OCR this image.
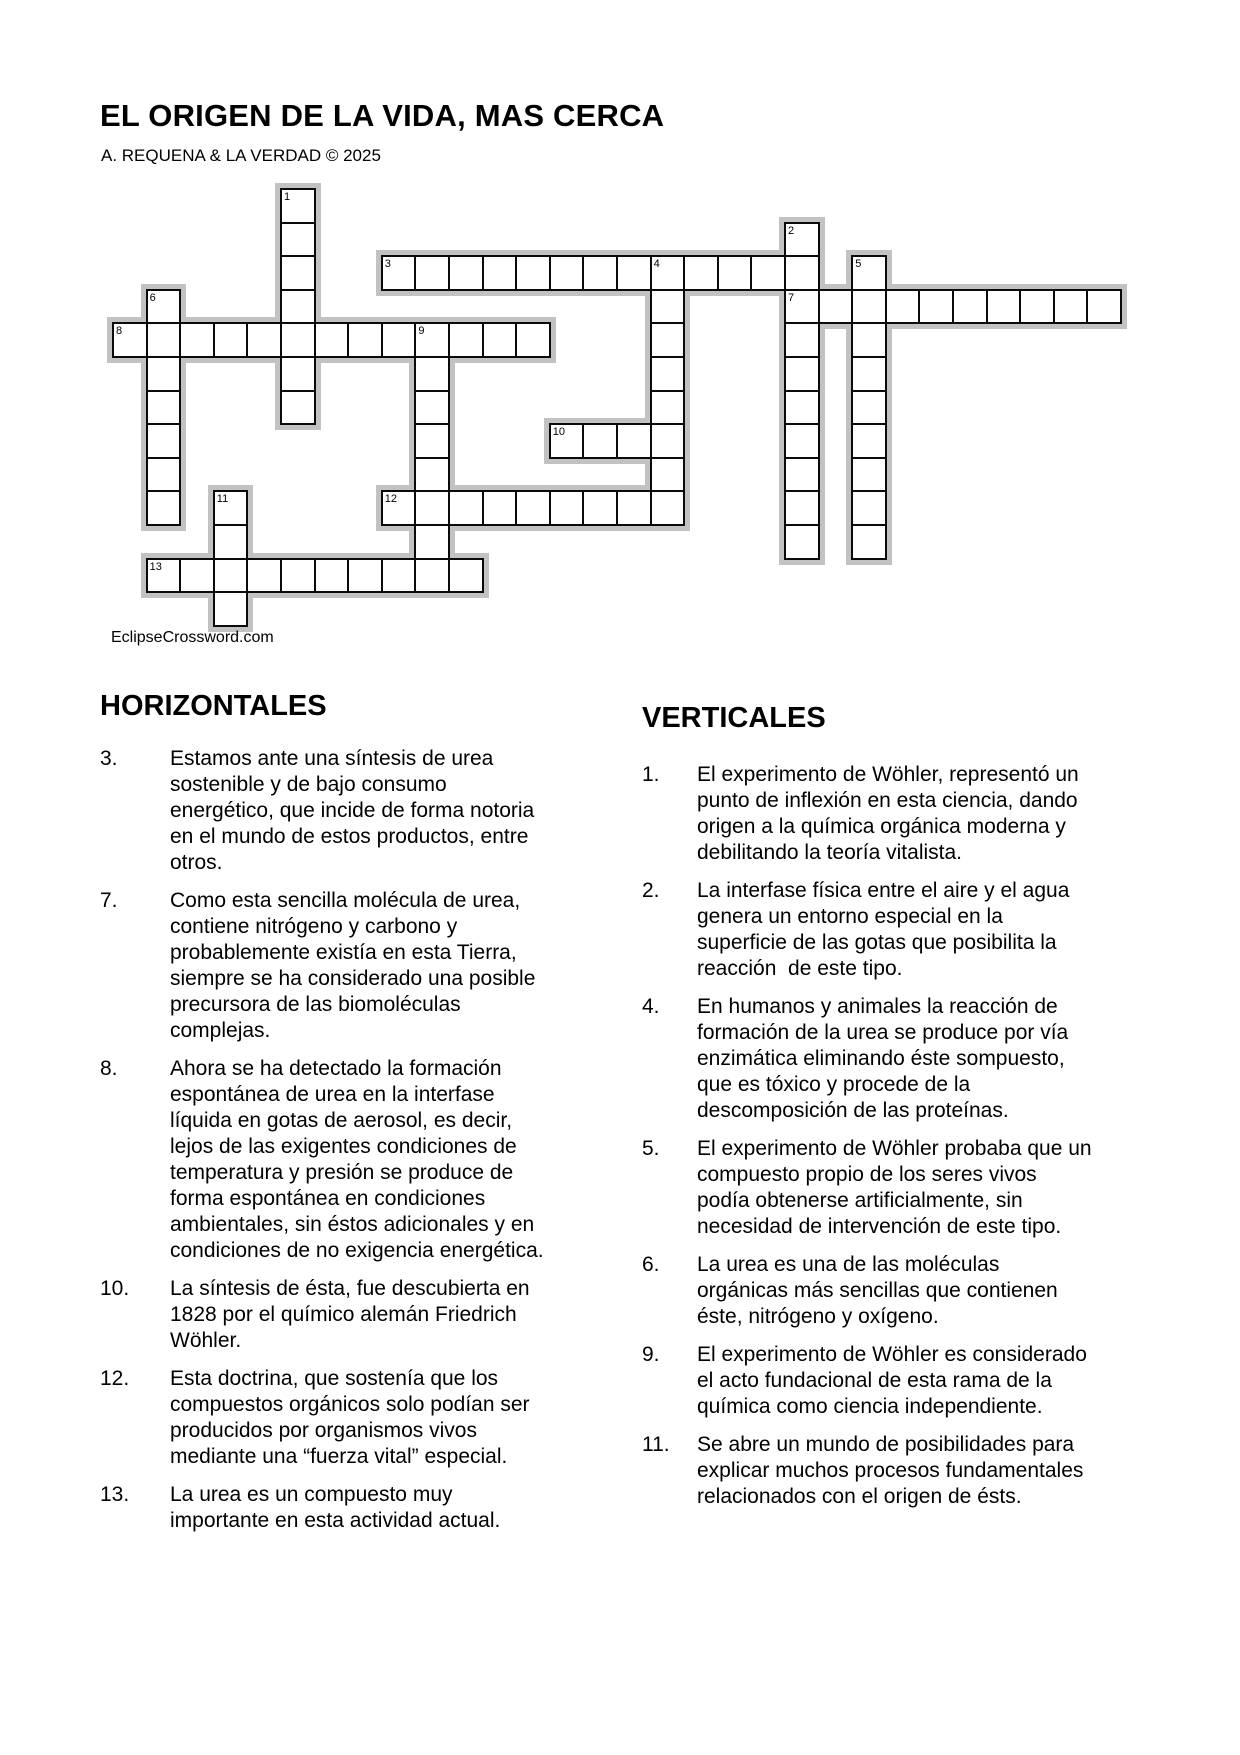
EL ORIGEN DE LA VIDA, MAS CERCA
A. REQUENA & LA VERDAD © 2025
1
2
3	4	5
6	7
8	9
10
11	12
13
EclipseCrossword.com
HORIZONTALES
3.	Estamos ante una síntesis de urea sostenible y de bajo consumo energético, que incide de forma notoria en el mundo de estos productos, entre otros.
7.	Como esta sencilla molécula de urea, contiene nitrógeno y carbono y probablemente existía en esta Tierra, siempre se ha considerado una posible precursora de las biomoléculas complejas.
8.	Ahora se ha detectado la formación espontánea de urea en la interfase líquida en gotas de aerosol, es decir, lejos de las exigentes condiciones de temperatura y presión se produce de forma espontánea en condiciones ambientales, sin éstos adicionales y en condiciones de no exigencia energética.
10.	La síntesis de ésta, fue descubierta en 1828 por el químico alemán Friedrich Wöhler.
12.	Esta doctrina, que sostenía que los compuestos orgánicos solo podían ser producidos por organismos vivos mediante una “fuerza vital” especial.
13.	La urea es un compuesto muy importante en esta actividad actual.
VERTICALES
1.	El experimento de Wöhler, representó un punto de inflexión en esta ciencia, dando origen a la química orgánica moderna y debilitando la teoría vitalista.
2.	La interfase física entre el aire y el agua genera un entorno especial en la superficie de las gotas que posibilita la reacción  de este tipo.
4.	En humanos y animales la reacción de formación de la urea se produce por vía enzimática eliminando éste sompuesto, que es tóxico y procede de la descomposición de las proteínas.
5.	El experimento de Wöhler probaba que un compuesto propio de los seres vivos podía obtenerse artificialmente, sin necesidad de intervención de este tipo.
6.	La urea es una de las moléculas orgánicas más sencillas que contienen éste, nitrógeno y oxígeno.
9.	El experimento de Wöhler es considerado el acto fundacional de esta rama de la  química como ciencia independiente.
11.	Se abre un mundo de posibilidades para explicar muchos procesos fundamentales relacionados con el origen de ésts.
